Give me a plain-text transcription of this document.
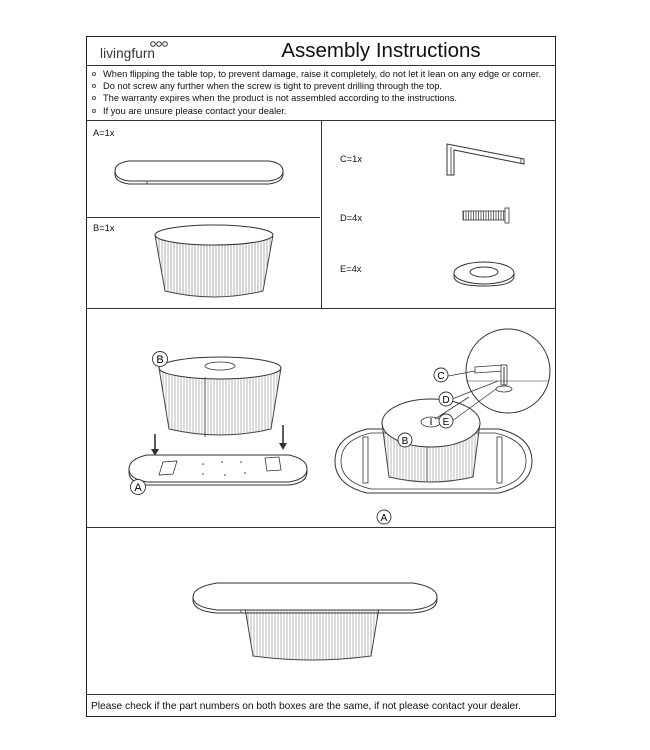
livingfurn	Assembly Instructions
When flipping the table top, to prevent damage, raise it completely, do not let it lean on any edge or corner.
Do not screw any further when the screw is tight to prevent drilling through the top.
The warranty expires when the product is not assembled according to the instructions.
If you are unsure please contact your dealer.
A=1x
B=1x
C=1x
D=4x
E=4x
B
A
C
D
E
B
A
Please check if the part numbers on both boxes are the same, if not please contact your dealer.
